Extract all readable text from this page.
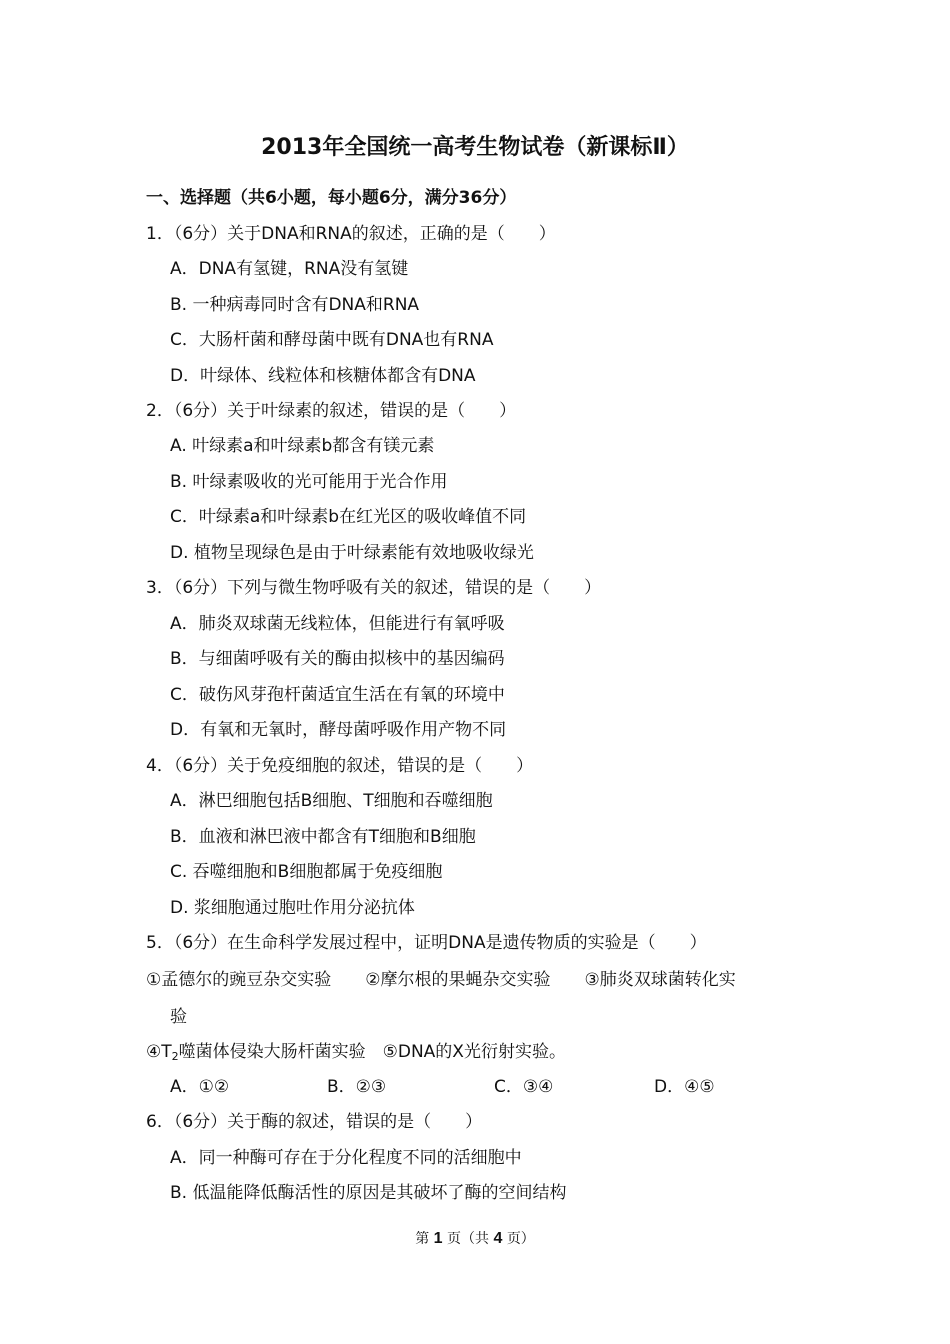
2013年全国统一高考生物试卷（新课标Ⅱ）
一、选择题（共6小题，每小题6分，满分36分）
1．（6分）关于DNA和RNA的叙述，正确的是（　　）
A．DNA有氢键，RNA没有氢键
B. 一种病毒同时含有DNA和RNA
C．大肠杆菌和酵母菌中既有DNA也有RNA
D．叶绿体、线粒体和核糖体都含有DNA
2．（6分）关于叶绿素的叙述，错误的是（　　）
A. 叶绿素a和叶绿素b都含有镁元素
B. 叶绿素吸收的光可能用于光合作用
C．叶绿素a和叶绿素b在红光区的吸收峰值不同
D. 植物呈现绿色是由于叶绿素能有效地吸收绿光
3．（6分）下列与微生物呼吸有关的叙述，错误的是（　　）
A．肺炎双球菌无线粒体，但能进行有氧呼吸
B．与细菌呼吸有关的酶由拟核中的基因编码
C．破伤风芽孢杆菌适宜生活在有氧的环境中
D．有氧和无氧时，酵母菌呼吸作用产物不同
4．（6分）关于免疫细胞的叙述，错误的是（　　）
A．淋巴细胞包括B细胞、T细胞和吞噬细胞
B．血液和淋巴液中都含有T细胞和B细胞
C. 吞噬细胞和B细胞都属于免疫细胞
D. 浆细胞通过胞吐作用分泌抗体
5．（6分）在生命科学发展过程中，证明DNA是遗传物质的实验是（　　）
①孟德尔的豌豆杂交实验　　②摩尔根的果蝇杂交实验　　③肺炎双球菌转化实
验
$④T_2$噬菌体侵染大肠杆菌实验　⑤DNA的X光衍射实验。
A．①②	B．②③	C．③④	D．④⑤
6．（6分）关于酶的叙述，错误的是（　　）
A．同一种酶可存在于分化程度不同的活细胞中
B. 低温能降低酶活性的原因是其破坏了酶的空间结构
第 1 页（共 4 页）
